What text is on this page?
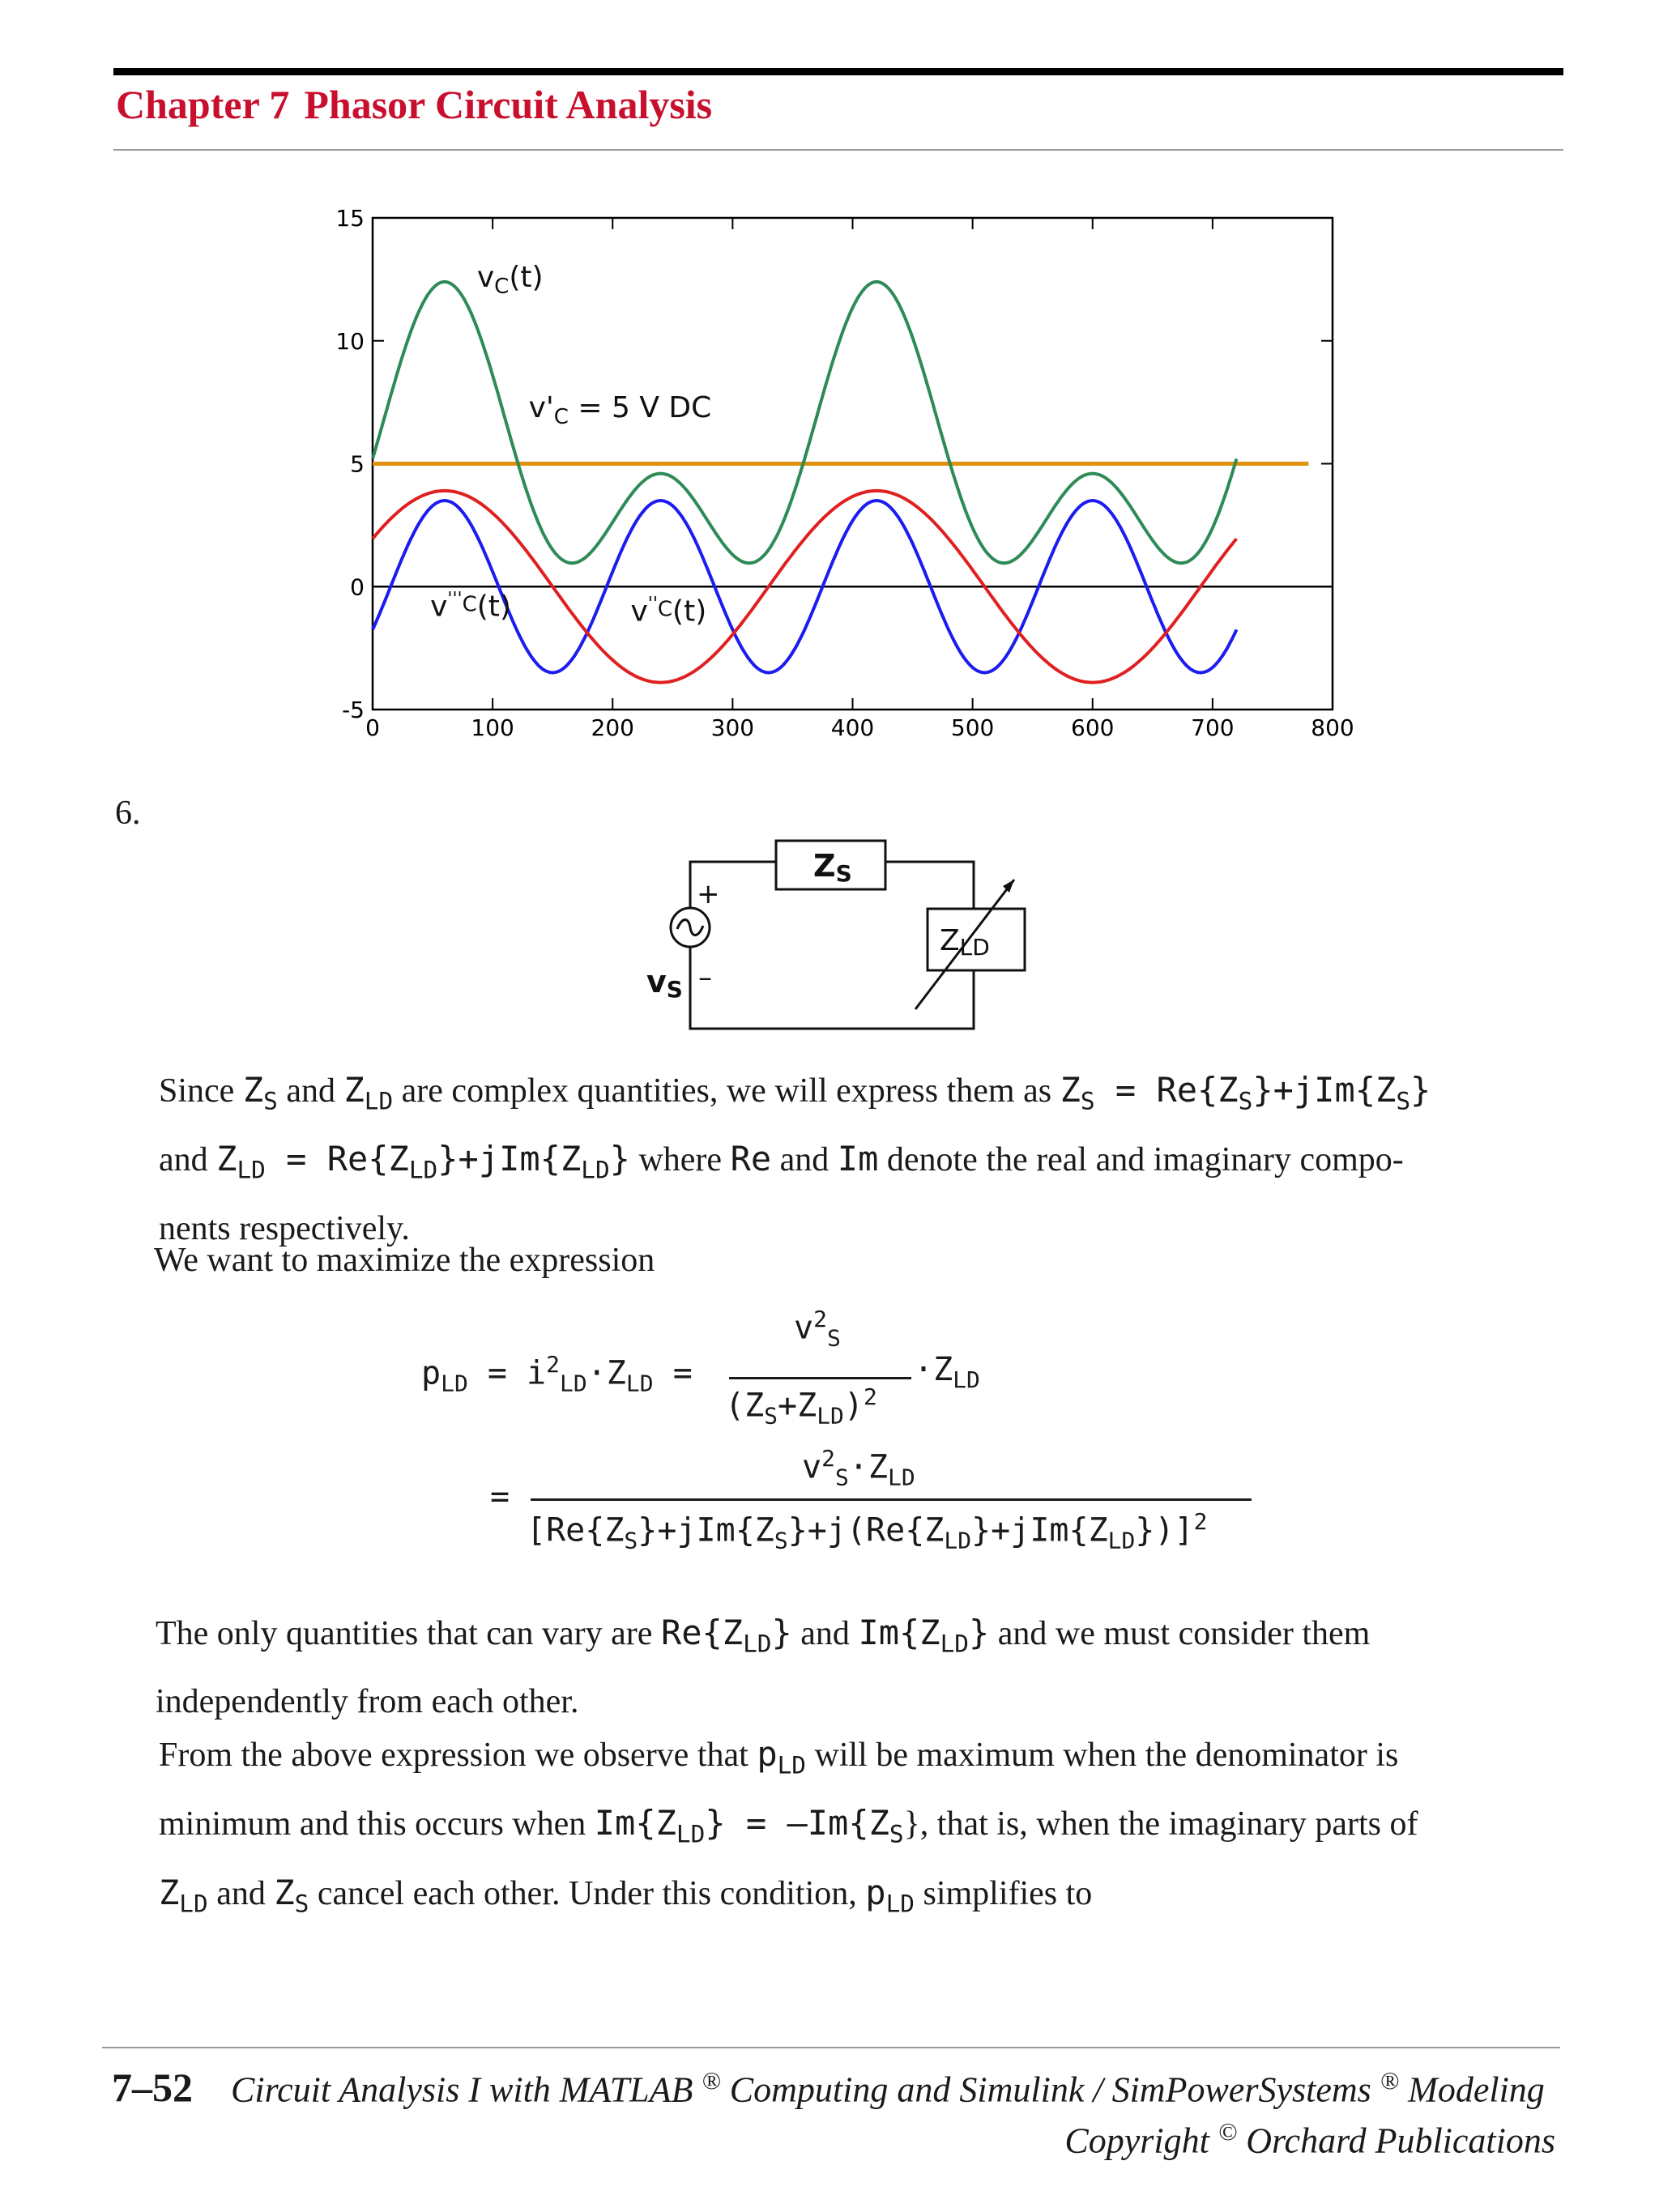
Chapter 7 Phasor Circuit Analysis
0	100	200	300	400	500	600	700	800
-5
0
5
10
15
$v_C(t)$
$v'_C = 5$ V DC
$v'''_C(t)$	$v''_C(t)$
6.
ZS
ZLD
+
–
vS
Since $Z_S$ and $Z_{LD}$ are complex quantities, we will express them as $Z_S = Re\{Z_S\}+jIm\{Z_S\}$
and $Z_{LD} = Re\{Z_{LD}\}+jIm\{Z_{LD}\}$ where Re and Im denote the real and imaginary compo-
nents respectively.
We want to maximize the expression
$p_{LD} = i^2_{LD}\cdot Z_{LD}$ =
$v^2_S$
$(Z_S+Z_{LD})^2$
$\cdot Z_{LD}$
=
$v^2_S\cdot Z_{LD}$
$[Re\{Z_S\}+jIm\{Z_S\}+j(Re\{Z_{LD}\}+jIm\{Z_{LD}\})]^2$
The only quantities that can vary are $Re\{Z_{LD}\}$ and $Im\{Z_{LD}\}$ and we must consider them
independently from each other.
From the above expression we observe that $p_{LD}$ will be maximum when the denominator is
minimum and this occurs when $Im\{Z_{LD}\} = -Im\{Z_S\}$, that is, when the imaginary parts of
$Z_{LD}$ and $Z_S$ cancel each other. Under this condition, $p_{LD}$ simplifies to
7–52 Circuit Analysis I with MATLAB ® Computing and Simulink / SimPowerSystems ® Modeling
Copyright © Orchard Publications
